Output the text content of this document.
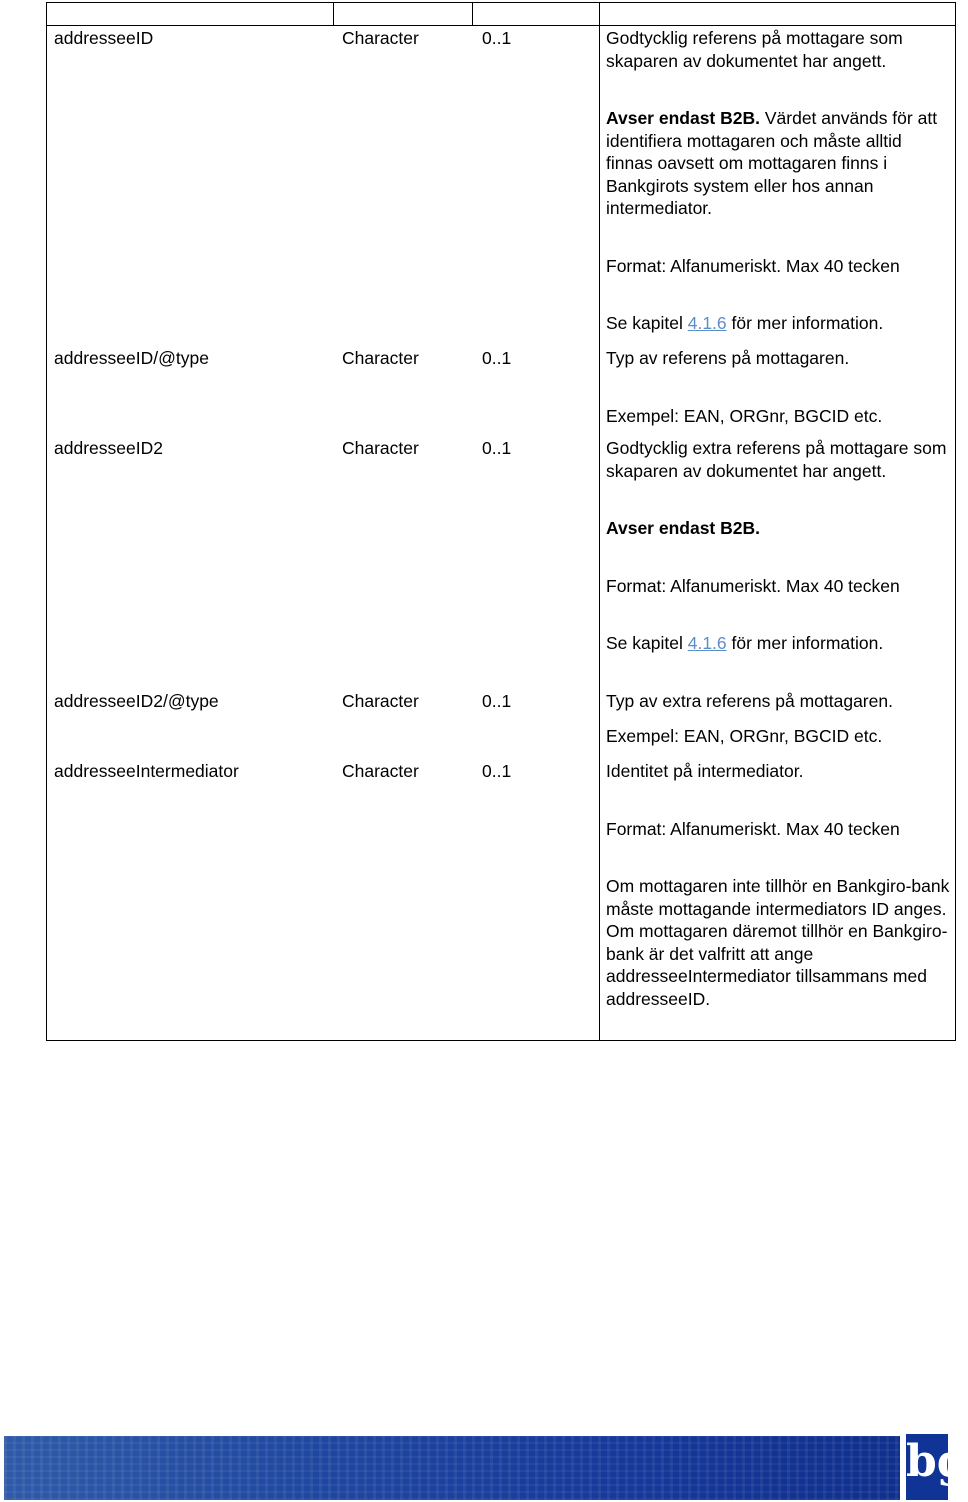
addresseeID	Character	0..1	Godtycklig referens på mottagare som skaparen av dokumentet har angett.

Avser endast B2B. Värdet används för att identifiera mottagaren och måste alltid finnas oavsett om mottagaren finns i Bankgirots system eller hos annan intermediator.

Format: Alfanumeriskt. Max 40 tecken

Se kapitel 4.1.6 för mer information.

addresseeID/@type	Character	0..1	Typ av referens på mottagaren.

Exempel: EAN, ORGnr, BGCID etc.

addresseeID2	Character	0..1	Godtycklig extra referens på mottagare som skaparen av dokumentet har angett.

Avser endast B2B.

Format: Alfanumeriskt. Max 40 tecken

Se kapitel 4.1.6 för mer information.

addresseeID2/@type	Character	0..1	Typ av extra referens på mottagaren.

Exempel: EAN, ORGnr, BGCID etc.

addresseeIntermediator	Character	0..1	Identitet på intermediator.

Format: Alfanumeriskt. Max 40 tecken

Om mottagaren inte tillhör en Bankgiro-bank måste mottagande intermediators ID anges. Om mottagaren däremot tillhör en Bankgiro-bank är det valfritt att ange addresseeIntermediator tillsammans med addresseeID.

bg
